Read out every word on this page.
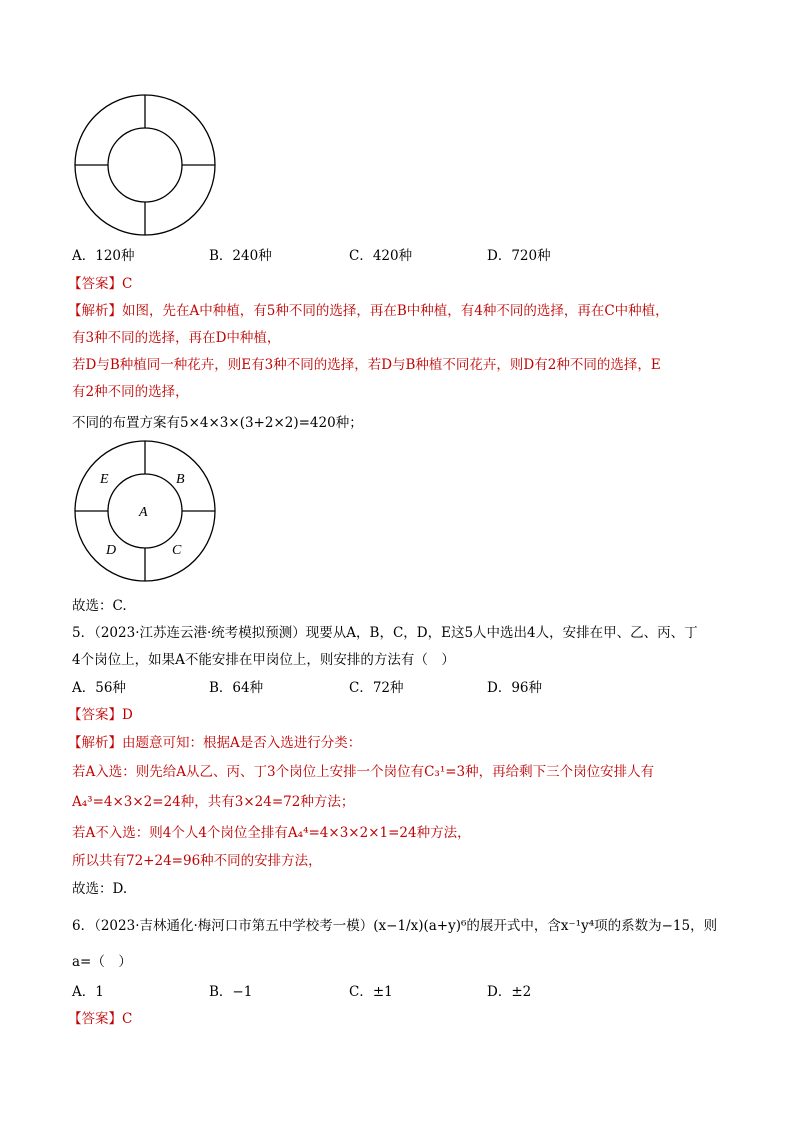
A．120种	B．240种	C．420种	D．720种
【答案】C
【解析】如图，先在A中种植，有5种不同的选择，再在B中种植，有4种不同的选择，再在C中种植，
有3种不同的选择，再在D中种植，
若D与B种植同一种花卉，则E有3种不同的选择，若D与B种植不同花卉，则D有2种不同的选择，E
有2种不同的选择，
不同的布置方案有5×4×3×(3+2×2)=420种；
E	B
A
D	C
故选：C.
5．（2023·江苏连云港·统考模拟预测）现要从A，B，C，D，E这5人中选出4人，安排在甲、乙、丙、丁
4个岗位上，如果A不能安排在甲岗位上，则安排的方法有（　）
A．56种	B．64种	C．72种	D．96种
【答案】D
【解析】由题意可知：根据A是否入选进行分类：
若A入选：则先给A从乙、丙、丁3个岗位上安排一个岗位有C₃¹=3种，再给剩下三个岗位安排人有
A₄³=4×3×2=24种，共有3×24=72种方法；
若A不入选：则4个人4个岗位全排有A₄⁴=4×3×2×1=24种方法，
所以共有72+24=96种不同的安排方法，
故选：D.
6．（2023·吉林通化·梅河口市第五中学校考一模）(x−1/x)(a+y)⁶的展开式中，含x⁻¹y⁴项的系数为−15，则
a=（　）
A．1	B．−1	C．±1	D．±2
【答案】C
